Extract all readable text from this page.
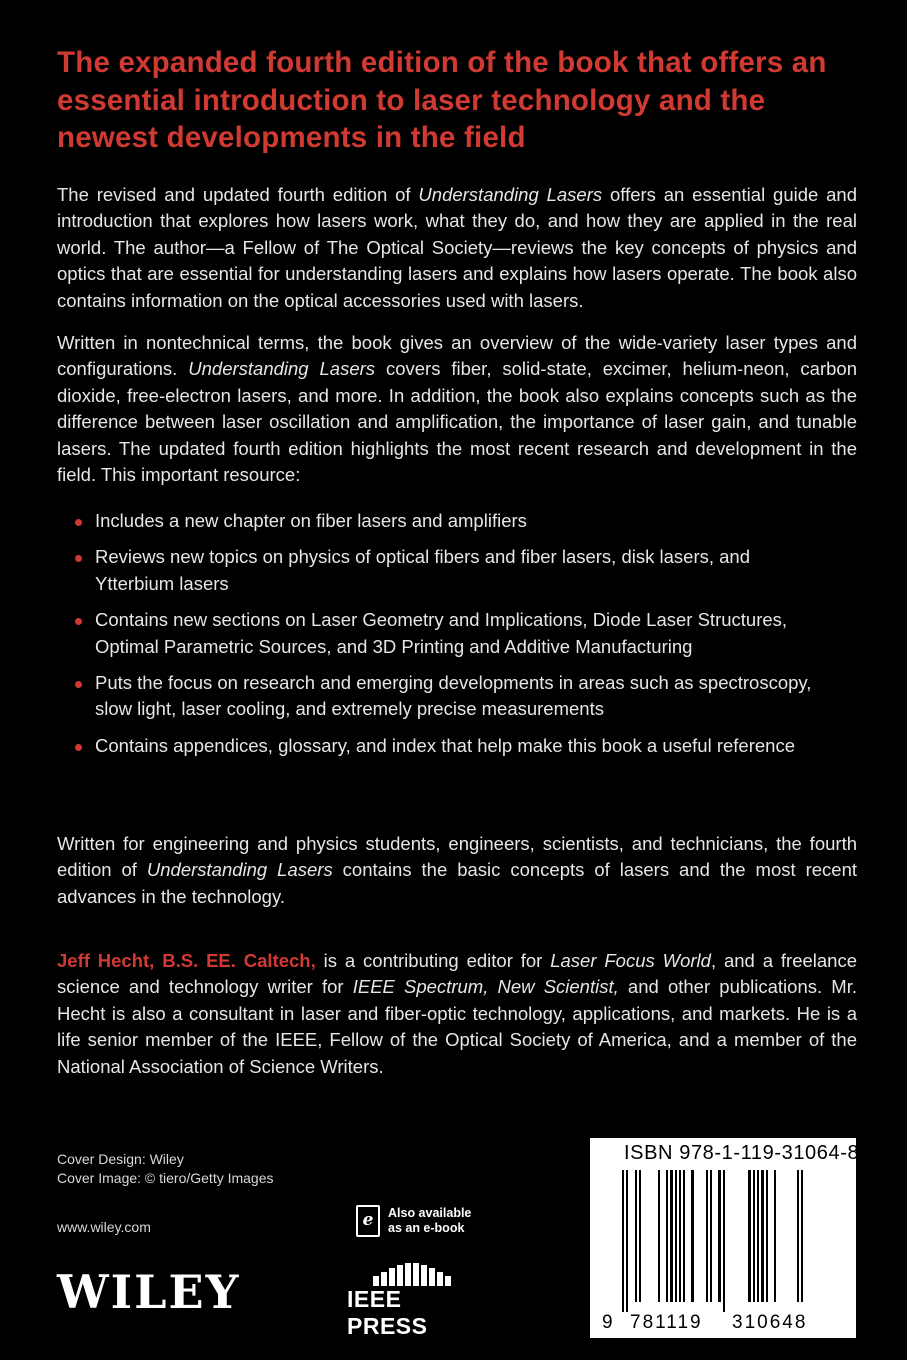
The expanded fourth edition of the book that offers an essential introduction to laser technology and the newest developments in the field

The revised and updated fourth edition of Understanding Lasers offers an essential guide and introduction that explores how lasers work, what they do, and how they are applied in the real world. The author—a Fellow of The Optical Society—reviews the key concepts of physics and optics that are essential for understanding lasers and explains how lasers operate. The book also contains information on the optical accessories used with lasers.

Written in nontechnical terms, the book gives an overview of the wide-variety laser types and configurations. Understanding Lasers covers fiber, solid-state, excimer, helium-neon, carbon dioxide, free-electron lasers, and more. In addition, the book also explains concepts such as the difference between laser oscillation and amplification, the importance of laser gain, and tunable lasers. The updated fourth edition highlights the most recent research and development in the field. This important resource:

Includes a new chapter on fiber lasers and amplifiers
Reviews new topics on physics of optical fibers and fiber lasers, disk lasers, and Ytterbium lasers
Contains new sections on Laser Geometry and Implications, Diode Laser Structures, Optimal Parametric Sources, and 3D Printing and Additive Manufacturing
Puts the focus on research and emerging developments in areas such as spectroscopy, slow light, laser cooling, and extremely precise measurements
Contains appendices, glossary, and index that help make this book a useful reference

Written for engineering and physics students, engineers, scientists, and technicians, the fourth edition of Understanding Lasers contains the basic concepts of lasers and the most recent advances in the technology.

Jeff Hecht, B.S. EE. Caltech, is a contributing editor for Laser Focus World, and a freelance science and technology writer for IEEE Spectrum, New Scientist, and other publications. Mr. Hecht is also a consultant in laser and fiber-optic technology, applications, and markets. He is a life senior member of the IEEE, Fellow of the Optical Society of America, and a member of the National Association of Science Writers.

Cover Design: Wiley
Cover Image: © tiero/Getty Images
www.wiley.com
WILEY
e	Also available
as an e-book
IEEE PRESS
ISBN 978-1-119-31064-8
9 781119 310648
